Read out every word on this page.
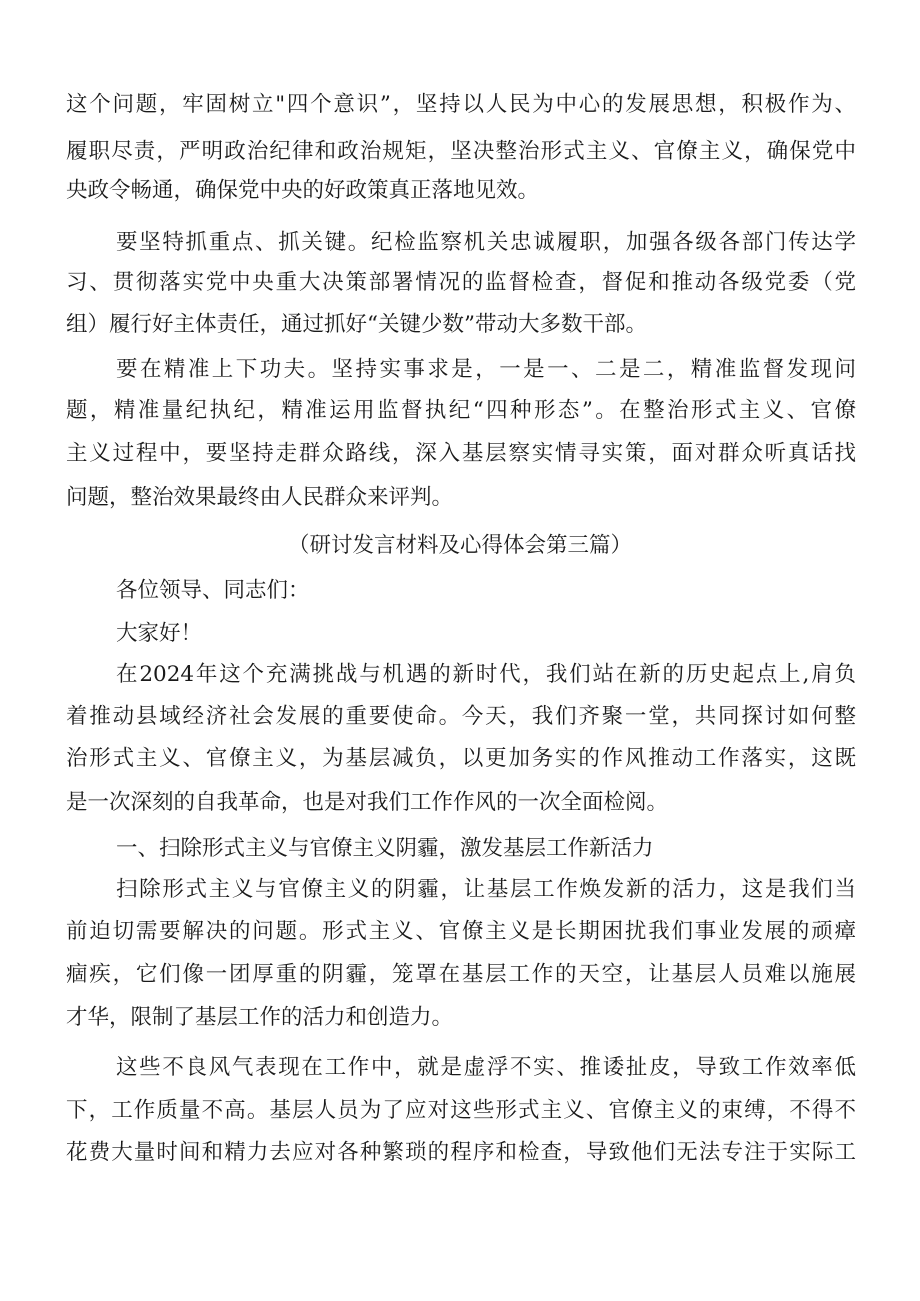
这个问题，牢固树立"四个意识”，坚持以人民为中心的发展思想，积极作为、
履职尽责，严明政治纪律和政治规矩，坚决整治形式主义、官僚主义，确保党中
央政令畅通，确保党中央的好政策真正落地见效。
要坚特抓重点、抓关键。纪检监察机关忠诚履职，加强各级各部门传达学
习、贯彻落实党中央重大决策部署情况的监督检查，督促和推动各级党委（党
组）履行好主体责任，通过抓好“关键少数”带动大多数干部。
要在精准上下功夫。坚持实事求是，一是一、二是二，精准监督发现问
题，精准量纪执纪，精准运用监督执纪“四种形态”。在整治形式主义、官僚
主义过程中，要坚持走群众路线，深入基层察实情寻实策，面对群众听真话找
问题，整治效果最终由人民群众来评判。
（研讨发言材料及心得体会第三篇）
各位领导、同志们：
大家好！
在2024年这个充满挑战与机遇的新时代，我们站在新的历史起点上,肩负
着推动县域经济社会发展的重要使命。今天，我们齐聚一堂，共同探讨如何整
治形式主义、官僚主义，为基层减负，以更加务实的作风推动工作落实，这既
是一次深刻的自我革命，也是对我们工作作风的一次全面检阅。
一、扫除形式主义与官僚主义阴霾，激发基层工作新活力
扫除形式主义与官僚主义的阴霾，让基层工作焕发新的活力，这是我们当
前迫切需要解决的问题。形式主义、官僚主义是长期困扰我们事业发展的顽瘴
痼疾，它们像一团厚重的阴霾，笼罩在基层工作的天空，让基层人员难以施展
才华，限制了基层工作的活力和创造力。
这些不良风气表现在工作中，就是虚浮不实、推诿扯皮，导致工作效率低
下，工作质量不高。基层人员为了应对这些形式主义、官僚主义的束缚，不得不
花费大量时间和精力去应对各种繁琐的程序和检查，导致他们无法专注于实际工
